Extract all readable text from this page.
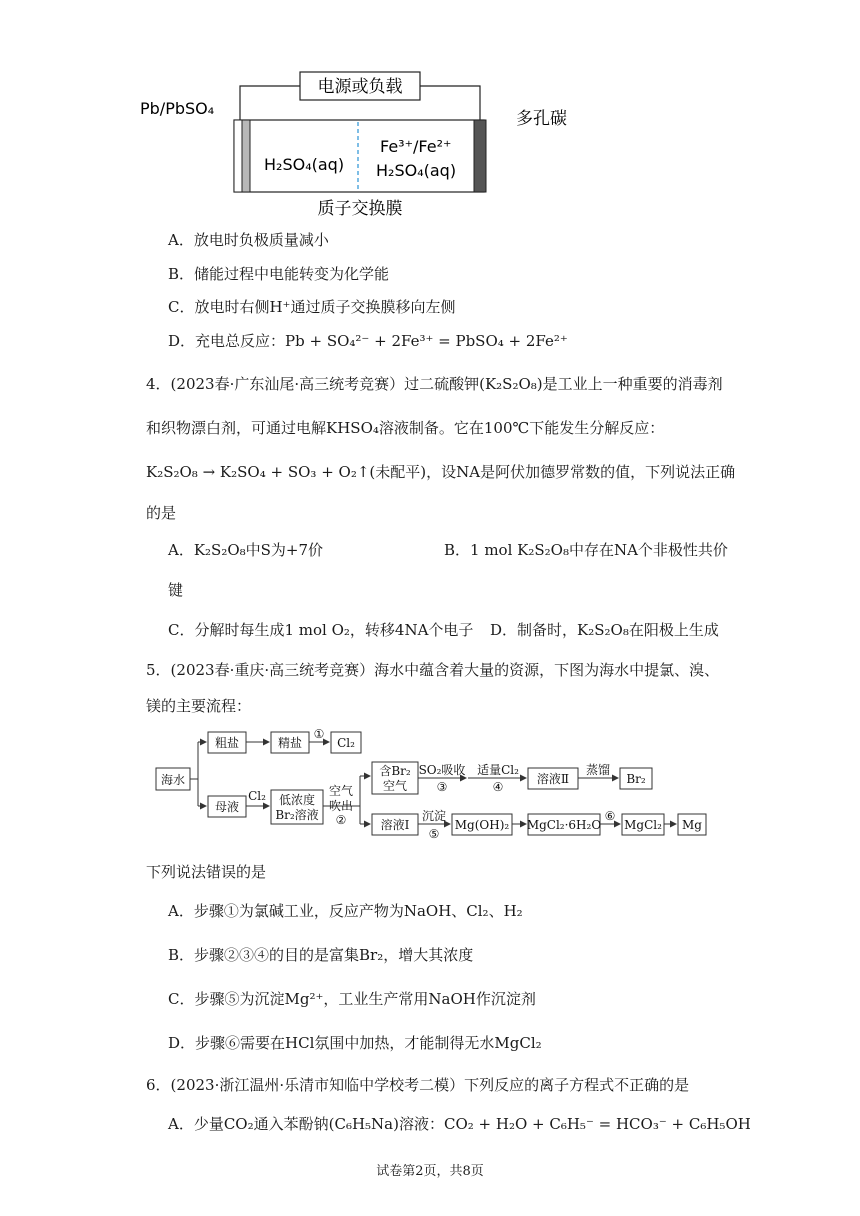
电源或负载
Pb/PbSO₄
多孔碳
H₂SO₄(aq)
Fe³⁺/Fe²⁺
H₂SO₄(aq)
质子交换膜
A．放电时负极质量减小
B．储能过程中电能转变为化学能
C．放电时右侧H⁺通过质子交换膜移向左侧
D．充电总反应：Pb + SO₄²⁻ + 2Fe³⁺ = PbSO₄ + 2Fe²⁺
4．(2023春·广东汕尾·高三统考竞赛）过二硫酸钾(K₂S₂O₈)是工业上一种重要的消毒剂
和织物漂白剂，可通过电解KHSO₄溶液制备。它在100℃下能发生分解反应：
K₂S₂O₈ → K₂SO₄ + SO₃ + O₂↑(未配平)，设NA是阿伏加德罗常数的值，下列说法正确
的是
A．K₂S₂O₈中S为+7价	B．1 mol K₂S₂O₈中存在NA个非极性共价
键
C．分解时每生成1 mol O₂，转移4NA个电子 D．制备时，K₂S₂O₈在阳极上生成
5．(2023春·重庆·高三统考竞赛）海水中蕴含着大量的资源，下图为海水中提氯、溴、
镁的主要流程：
海水
粗盐	精盐
①
Cl₂
母液
Cl₂ 低浓度
Br₂溶液
空气
吹出
②
含Br₂
空气
SO₂吸收
③
适量Cl₂
④
溶液Ⅱ
蒸馏
Br₂
溶液Ⅰ
沉淀
⑤
Mg(OH)₂ MgCl₂·6H₂O
⑥
MgCl₂ Mg
下列说法错误的是
A．步骤①为氯碱工业，反应产物为NaOH、Cl₂、H₂
B．步骤②③④的目的是富集Br₂，增大其浓度
C．步骤⑤为沉淀Mg²⁺，工业生产常用NaOH作沉淀剂
D．步骤⑥需要在HCl氛围中加热，才能制得无水MgCl₂
6．(2023·浙江温州·乐清市知临中学校考二模）下列反应的离子方程式不正确的是
A．少量CO₂通入苯酚钠(C₆H₅Na)溶液：CO₂ + H₂O + C₆H₅⁻ = HCO₃⁻ + C₆H₅OH
试卷第2页，共8页
